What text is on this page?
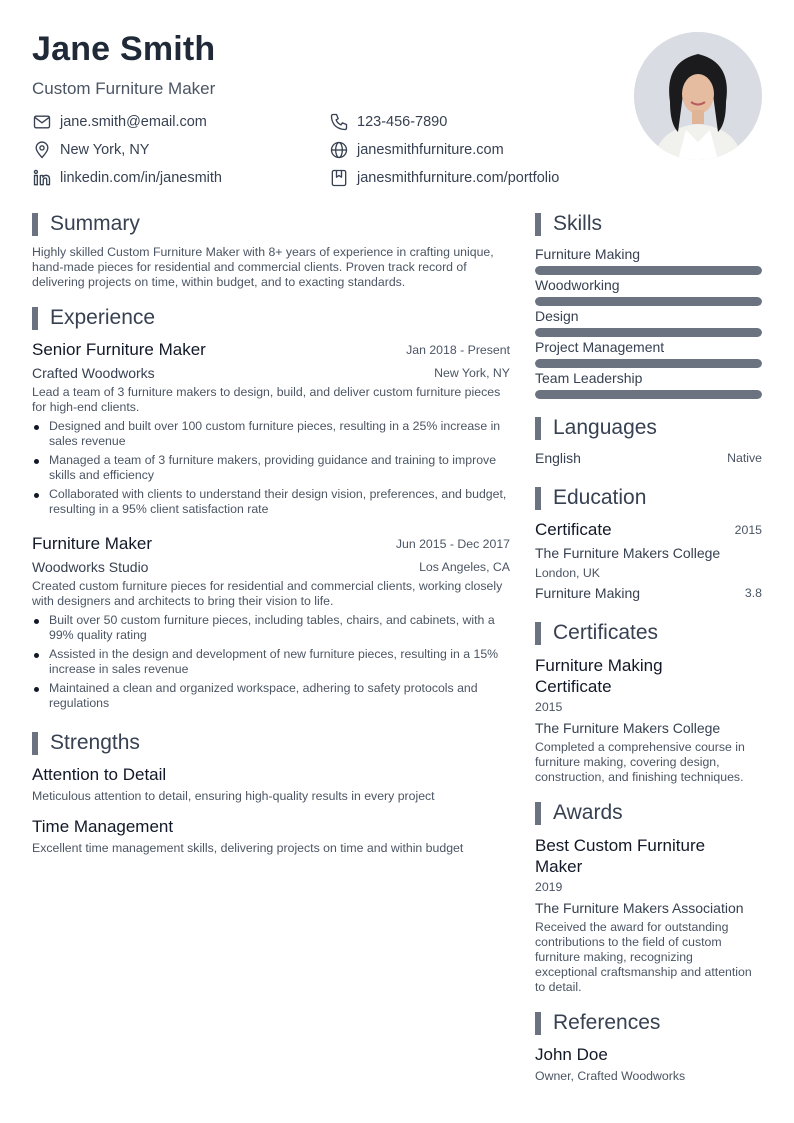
Jane Smith
Custom Furniture Maker
jane.smith@email.com	123-456-7890
New York, NY	janesmithfurniture.com
linkedin.com/in/janesmith	janesmithfurniture.com/portfolio
Summary
Highly skilled Custom Furniture Maker with 8+ years of experience in crafting unique, hand-made pieces for residential and commercial clients. Proven track record of delivering projects on time, within budget, and to exacting standards.
Experience
Senior Furniture Maker	Jan 2018 - Present
Crafted Woodworks	New York, NY
Lead a team of 3 furniture makers to design, build, and deliver custom furniture pieces for high-end clients.
Designed and built over 100 custom furniture pieces, resulting in a 25% increase in sales revenue
Managed a team of 3 furniture makers, providing guidance and training to improve skills and efficiency
Collaborated with clients to understand their design vision, preferences, and budget, resulting in a 95% client satisfaction rate
Furniture Maker	Jun 2015 - Dec 2017
Woodworks Studio	Los Angeles, CA
Created custom furniture pieces for residential and commercial clients, working closely with designers and architects to bring their vision to life.
Built over 50 custom furniture pieces, including tables, chairs, and cabinets, with a 99% quality rating
Assisted in the design and development of new furniture pieces, resulting in a 15% increase in sales revenue
Maintained a clean and organized workspace, adhering to safety protocols and regulations
Strengths
Attention to Detail
Meticulous attention to detail, ensuring high-quality results in every project
Time Management
Excellent time management skills, delivering projects on time and within budget
Skills
Furniture Making
Woodworking
Design
Project Management
Team Leadership
Languages
English	Native
Education
Certificate	2015
The Furniture Makers College
London, UK
Furniture Making	3.8
Certificates
Furniture Making Certificate
2015
The Furniture Makers College
Completed a comprehensive course in furniture making, covering design, construction, and finishing techniques.
Awards
Best Custom Furniture Maker
2019
The Furniture Makers Association
Received the award for outstanding contributions to the field of custom furniture making, recognizing exceptional craftsmanship and attention to detail.
References
John Doe
Owner, Crafted Woodworks
